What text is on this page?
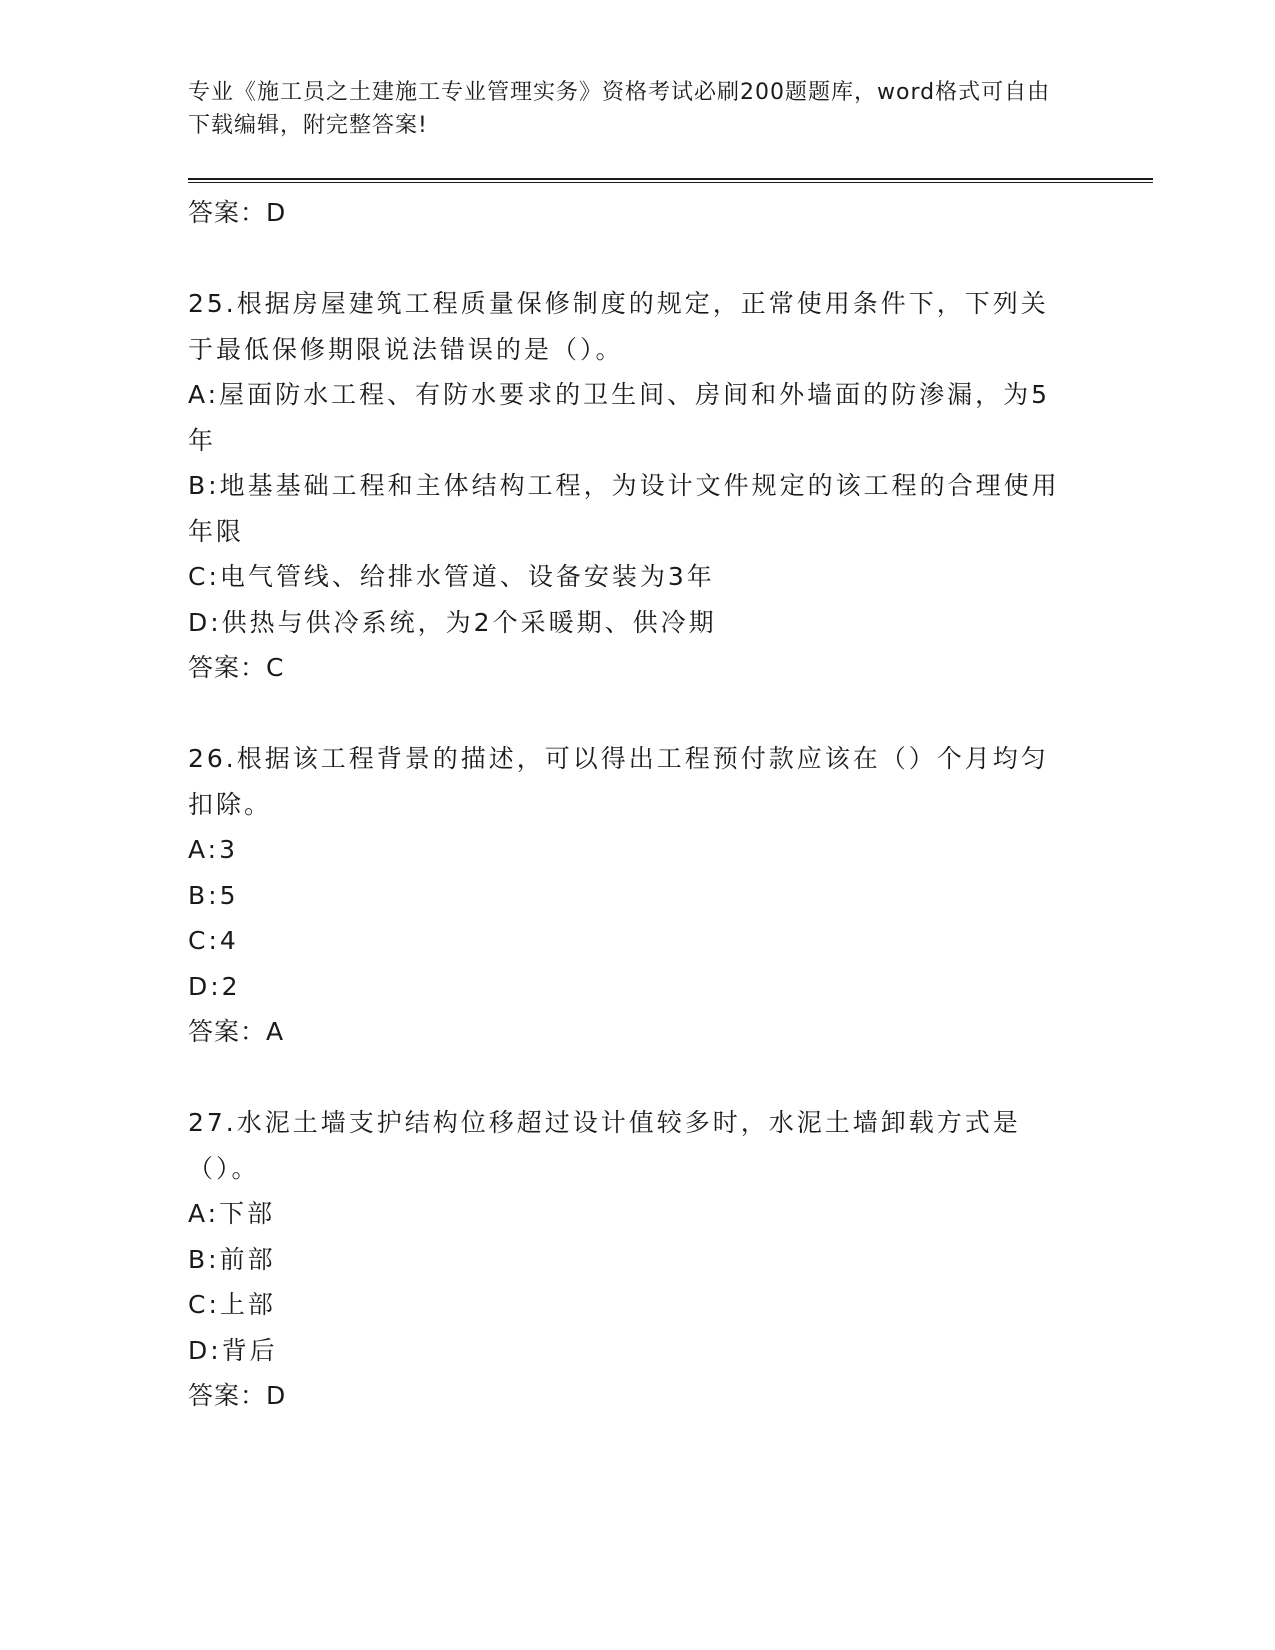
专业《施工员之土建施工专业管理实务》资格考试必刷200题题库，word格式可自由下载编辑，附完整答案!

答案：D

25.根据房屋建筑工程质量保修制度的规定，正常使用条件下，下列关于最低保修期限说法错误的是（）。

A:屋面防水工程、有防水要求的卫生间、房间和外墙面的防渗漏，为5年

B:地基基础工程和主体结构工程，为设计文件规定的该工程的合理使用年限

C:电气管线、给排水管道、设备安装为3年

D:供热与供冷系统，为2个采暖期、供冷期

答案：C

26.根据该工程背景的描述，可以得出工程预付款应该在（）个月均匀扣除。

A:3

B:5

C:4

D:2

答案：A

27.水泥土墙支护结构位移超过设计值较多时，水泥土墙卸载方式是（）。

A:下部

B:前部

C:上部

D:背后

答案：D
